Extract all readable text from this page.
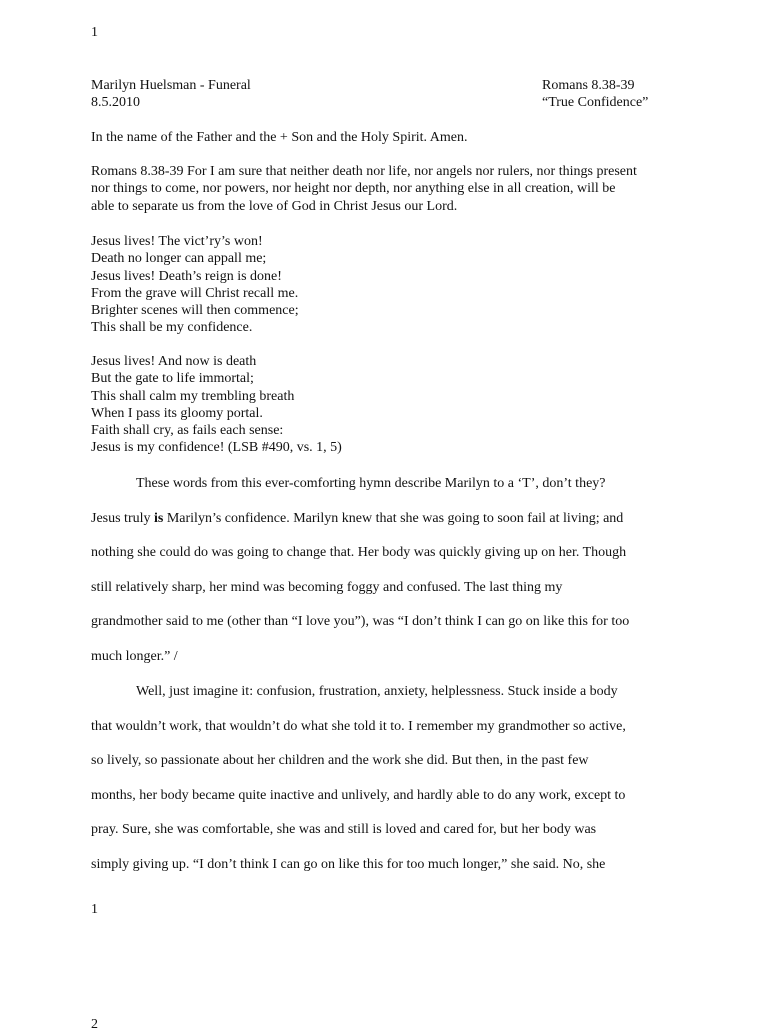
1
Marilyn Huelsman - Funeral	Romans 8.38-39
8.5.2010	“True Confidence”
In the name of the Father and the + Son and the Holy Spirit. Amen.
Romans 8.38-39 For I am sure that neither death nor life, nor angels nor rulers, nor things present
nor things to come, nor powers, nor height nor depth, nor anything else in all creation, will be
able to separate us from the love of God in Christ Jesus our Lord.
Jesus lives! The vict’ry’s won!
Death no longer can appall me;
Jesus lives! Death’s reign is done!
From the grave will Christ recall me.
Brighter scenes will then commence;
This shall be my confidence.
Jesus lives! And now is death
But the gate to life immortal;
This shall calm my trembling breath
When I pass its gloomy portal.
Faith shall cry, as fails each sense:
Jesus is my confidence! (LSB #490, vs. 1, 5)
These words from this ever-comforting hymn describe Marilyn to a ‘T’, don’t they?
Jesus truly is Marilyn’s confidence. Marilyn knew that she was going to soon fail at living; and
nothing she could do was going to change that. Her body was quickly giving up on her. Though
still relatively sharp, her mind was becoming foggy and confused. The last thing my
grandmother said to me (other than “I love you”), was “I don’t think I can go on like this for too
much longer.” /
Well, just imagine it: confusion, frustration, anxiety, helplessness. Stuck inside a body
that wouldn’t work, that wouldn’t do what she told it to. I remember my grandmother so active,
so lively, so passionate about her children and the work she did. But then, in the past few
months, her body became quite inactive and unlively, and hardly able to do any work, except to
pray. Sure, she was comfortable, she was and still is loved and cared for, but her body was
simply giving up. “I don’t think I can go on like this for too much longer,” she said. No, she
1
2
